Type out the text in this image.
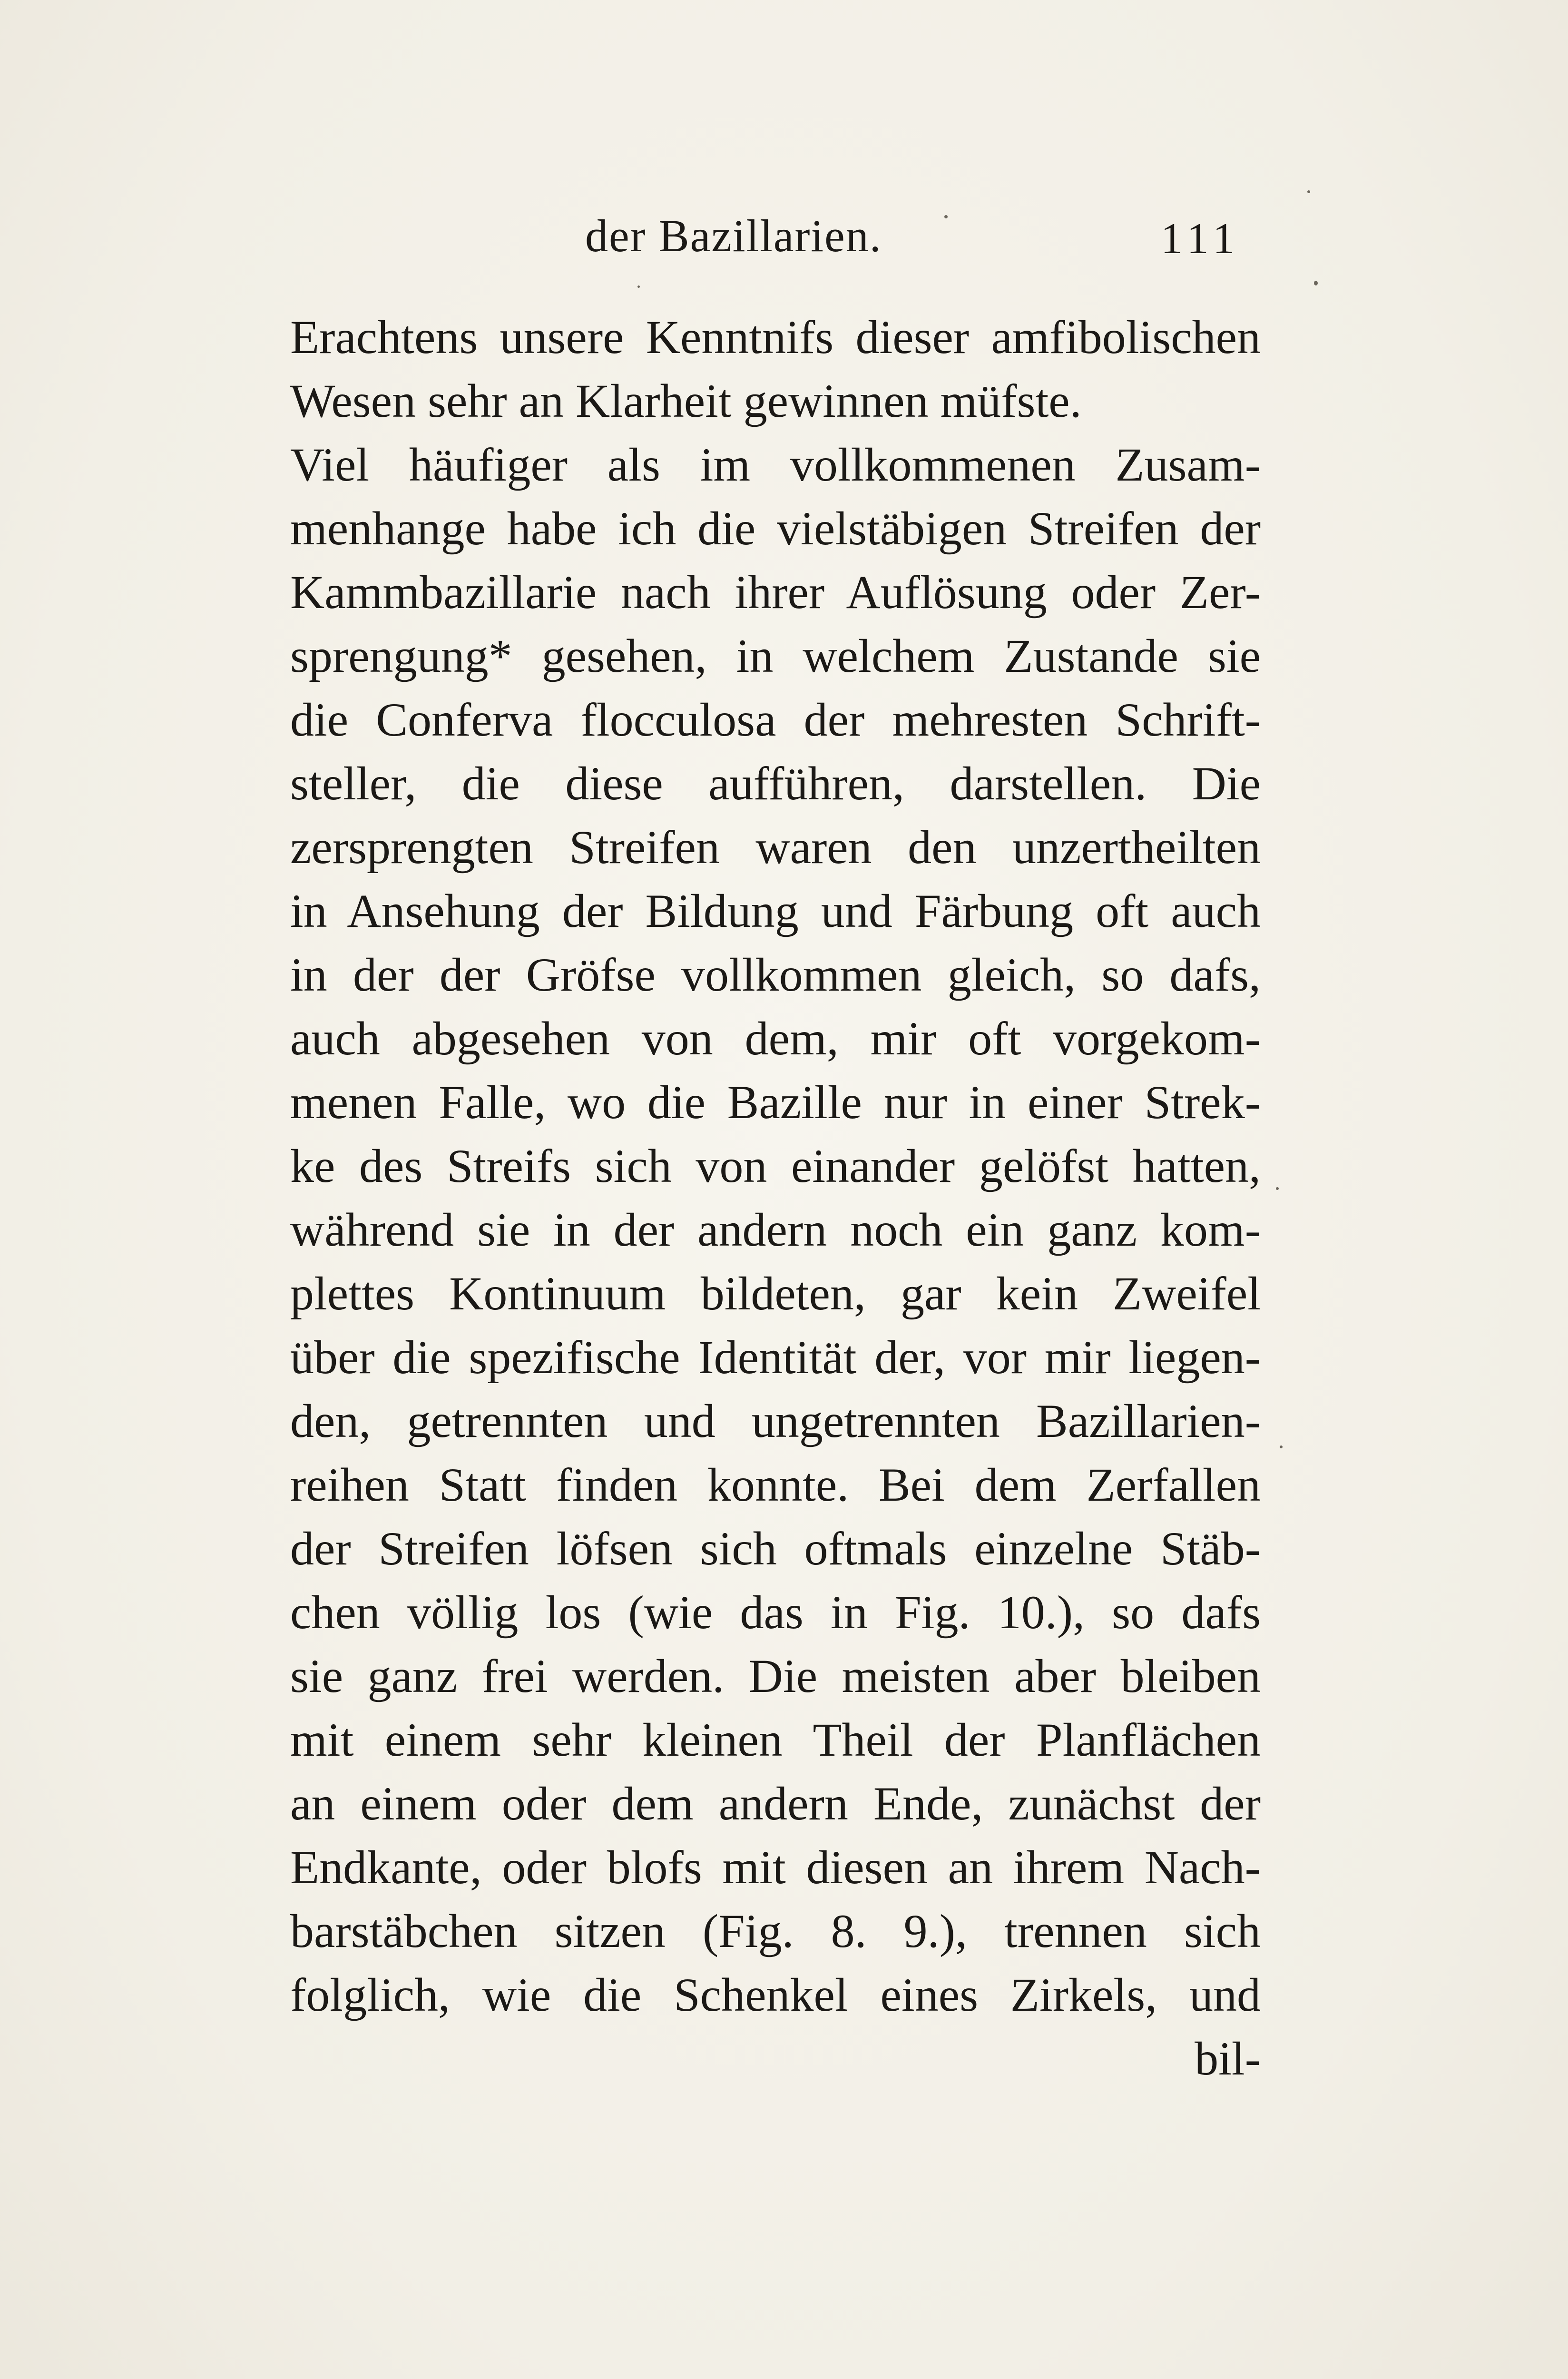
der Bazillarien.	111
Erachtens unsere Kenntnifs dieser amfibolischen
Wesen sehr an Klarheit gewinnen müfste.
Viel häufiger als im vollkommenen Zusam-
menhange habe ich die vielstäbigen Streifen der
Kammbazillarie nach ihrer Auflösung oder Zer-
sprengung* gesehen, in welchem Zustande sie
die Conferva flocculosa der mehresten Schrift-
steller, die diese aufführen, darstellen. Die
zersprengten Streifen waren den unzertheilten
in Ansehung der Bildung und Färbung oft auch
in der der Gröfse vollkommen gleich, so dafs,
auch abgesehen von dem, mir oft vorgekom-
menen Falle, wo die Bazille nur in einer Strek-
ke des Streifs sich von einander gelöfst hatten,
während sie in der andern noch ein ganz kom-
plettes Kontinuum bildeten, gar kein Zweifel
über die spezifische Identität der, vor mir liegen-
den, getrennten und ungetrennten Bazillarien-
reihen Statt finden konnte. Bei dem Zerfallen
der Streifen löfsen sich oftmals einzelne Stäb-
chen völlig los (wie das in Fig. 10.), so dafs
sie ganz frei werden. Die meisten aber bleiben
mit einem sehr kleinen Theil der Planflächen
an einem oder dem andern Ende, zunächst der
Endkante, oder blofs mit diesen an ihrem Nach-
barstäbchen sitzen (Fig. 8. 9.), trennen sich
folglich, wie die Schenkel eines Zirkels, und
bil-
